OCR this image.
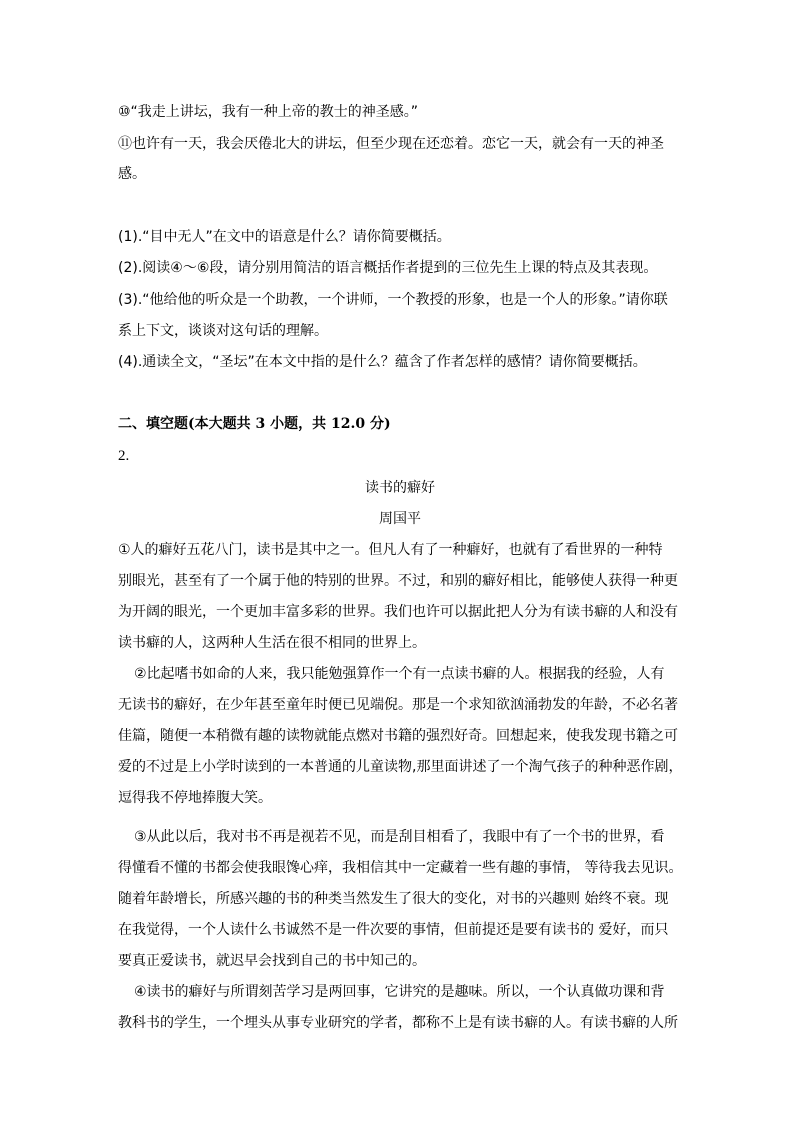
⑩“我走上讲坛，我有一种上帝的教士的神圣感。”
⑪也许有一天，我会厌倦北大的讲坛，但至少现在还恋着。恋它一天，就会有一天的神圣
感。
(1).“目中无人”在文中的语意是什么？请你简要概括。
(2).阅读④～⑥段，请分别用简洁的语言概括作者提到的三位先生上课的特点及其表现。
(3).“他给他的听众是一个助教，一个讲师，一个教授的形象，也是一个人的形象。”请你联
系上下文，谈谈对这句话的理解。
(4).通读全文，“圣坛”在本文中指的是什么？蕴含了作者怎样的感情？请你简要概括。
二、填空题(本大题共 3 小题，共 12.0 分)
2.
读书的癖好
周国平
①人的癖好五花八门，读书是其中之一。但凡人有了一种癖好，也就有了看世界的一种特
别眼光，甚至有了一个属于他的特别的世界。不过，和别的癖好相比，能够使人获得一种更
为开阔的眼光，一个更加丰富多彩的世界。我们也许可以据此把人分为有读书癖的人和没有
读书癖的人，这两种人生活在很不相同的世界上。
②比起嗜书如命的人来，我只能勉强算作一个有一点读书癖的人。根据我的经验，人有
无读书的癖好，在少年甚至童年时便已见端倪。那是一个求知欲汹涌勃发的年龄，不必名著
佳篇，随便一本稍微有趣的读物就能点燃对书籍的强烈好奇。回想起来，使我发现书籍之可
爱的不过是上小学时读到的一本普通的儿童读物,那里面讲述了一个淘气孩子的种种恶作剧，
逗得我不停地捧腹大笑。
③从此以后，我对书不再是视若不见，而是刮目相看了，我眼中有了一个书的世界，看
得懂看不懂的书都会使我眼馋心痒，我相信其中一定藏着一些有趣的事情， 等待我去见识。
随着年龄增长，所感兴趣的书的种类当然发生了很大的变化，对书的兴趣则 始终不衰。现
在我觉得，一个人读什么书诚然不是一件次要的事情，但前提还是要有读书的 爱好，而只
要真正爱读书，就迟早会找到自己的书中知己的。
④读书的癖好与所谓刻苦学习是两回事，它讲究的是趣味。所以，一个认真做功课和背
教科书的学生，一个埋头从事专业研究的学者，都称不上是有读书癖的人。有读书癖的人所
